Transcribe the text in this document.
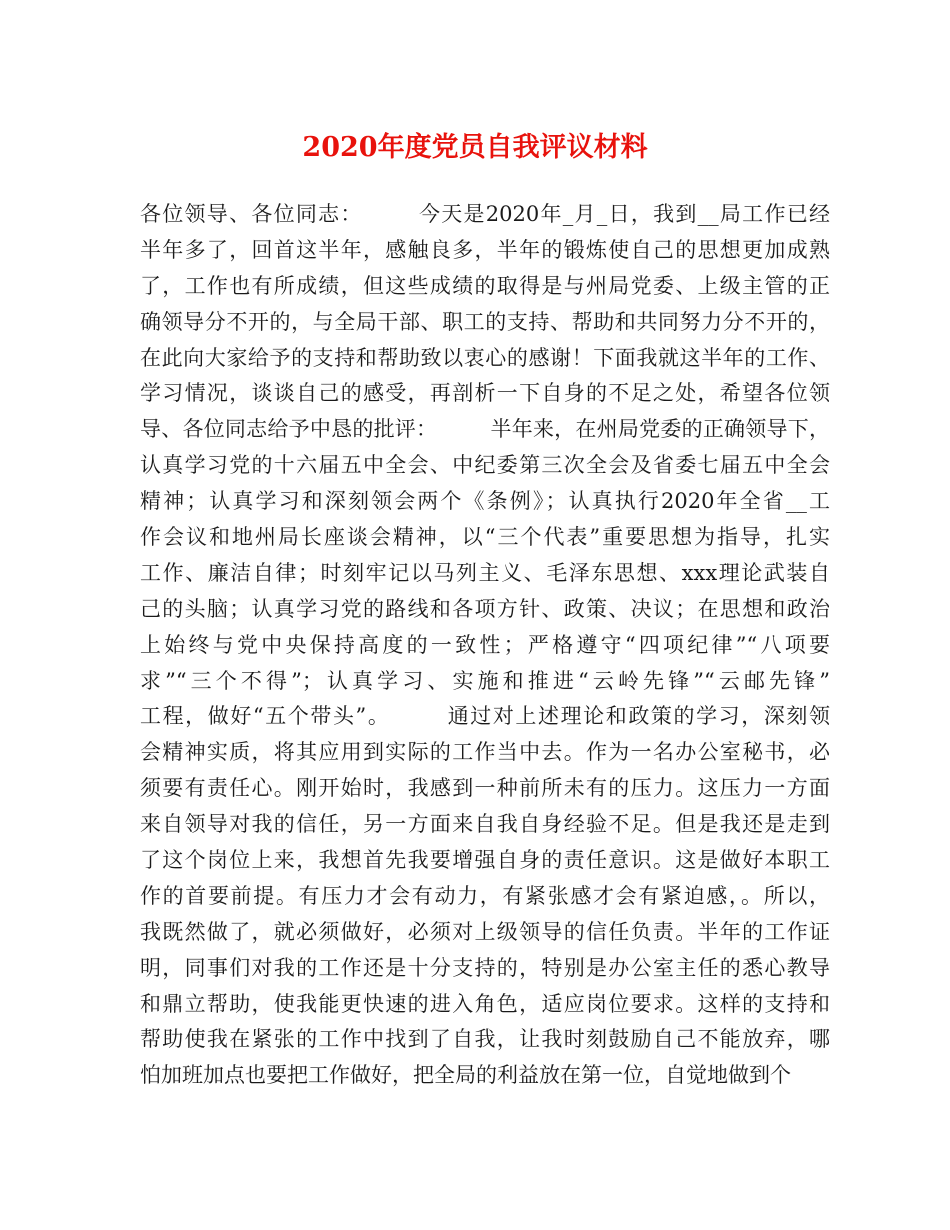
2020年度党员自我评议材料
各位领导、各位同志：　　　今天是2020年_月_日，我到__局工作已经
半年多了，回首这半年，感触良多，半年的锻炼使自己的思想更加成熟
了，工作也有所成绩，但这些成绩的取得是与州局党委、上级主管的正
确领导分不开的，与全局干部、职工的支持、帮助和共同努力分不开的，
在此向大家给予的支持和帮助致以衷心的感谢！下面我就这半年的工作、
学习情况，谈谈自己的感受，再剖析一下自身的不足之处，希望各位领
导、各位同志给予中恳的批评：　　　半年来，在州局党委的正确领导下，
认真学习党的十六届五中全会、中纪委第三次全会及省委七届五中全会
精神；认真学习和深刻领会两个《条例》；认真执行2020年全省__工
作会议和地州局长座谈会精神，以“三个代表”重要思想为指导，扎实
工作、廉洁自律；时刻牢记以马列主义、毛泽东思想、xxx理论武装自
己的头脑；认真学习党的路线和各项方针、政策、决议；在思想和政治
上始终与党中央保持高度的一致性；严格遵守“四项纪律”“八项要
求”“三个不得”；认真学习、实施和推进“云岭先锋”“云邮先锋”
工程，做好“五个带头”。　　　通过对上述理论和政策的学习，深刻领
会精神实质，将其应用到实际的工作当中去。作为一名办公室秘书，必
须要有责任心。刚开始时，我感到一种前所未有的压力。这压力一方面
来自领导对我的信任，另一方面来自我自身经验不足。但是我还是走到
了这个岗位上来，我想首先我要增强自身的责任意识。这是做好本职工
作的首要前提。有压力才会有动力，有紧张感才会有紧迫感，。所以，
我既然做了，就必须做好，必须对上级领导的信任负责。半年的工作证
明，同事们对我的工作还是十分支持的，特别是办公室主任的悉心教导
和鼎立帮助，使我能更快速的进入角色，适应岗位要求。这样的支持和
帮助使我在紧张的工作中找到了自我，让我时刻鼓励自己不能放弃，哪
怕加班加点也要把工作做好，把全局的利益放在第一位，自觉地做到个
